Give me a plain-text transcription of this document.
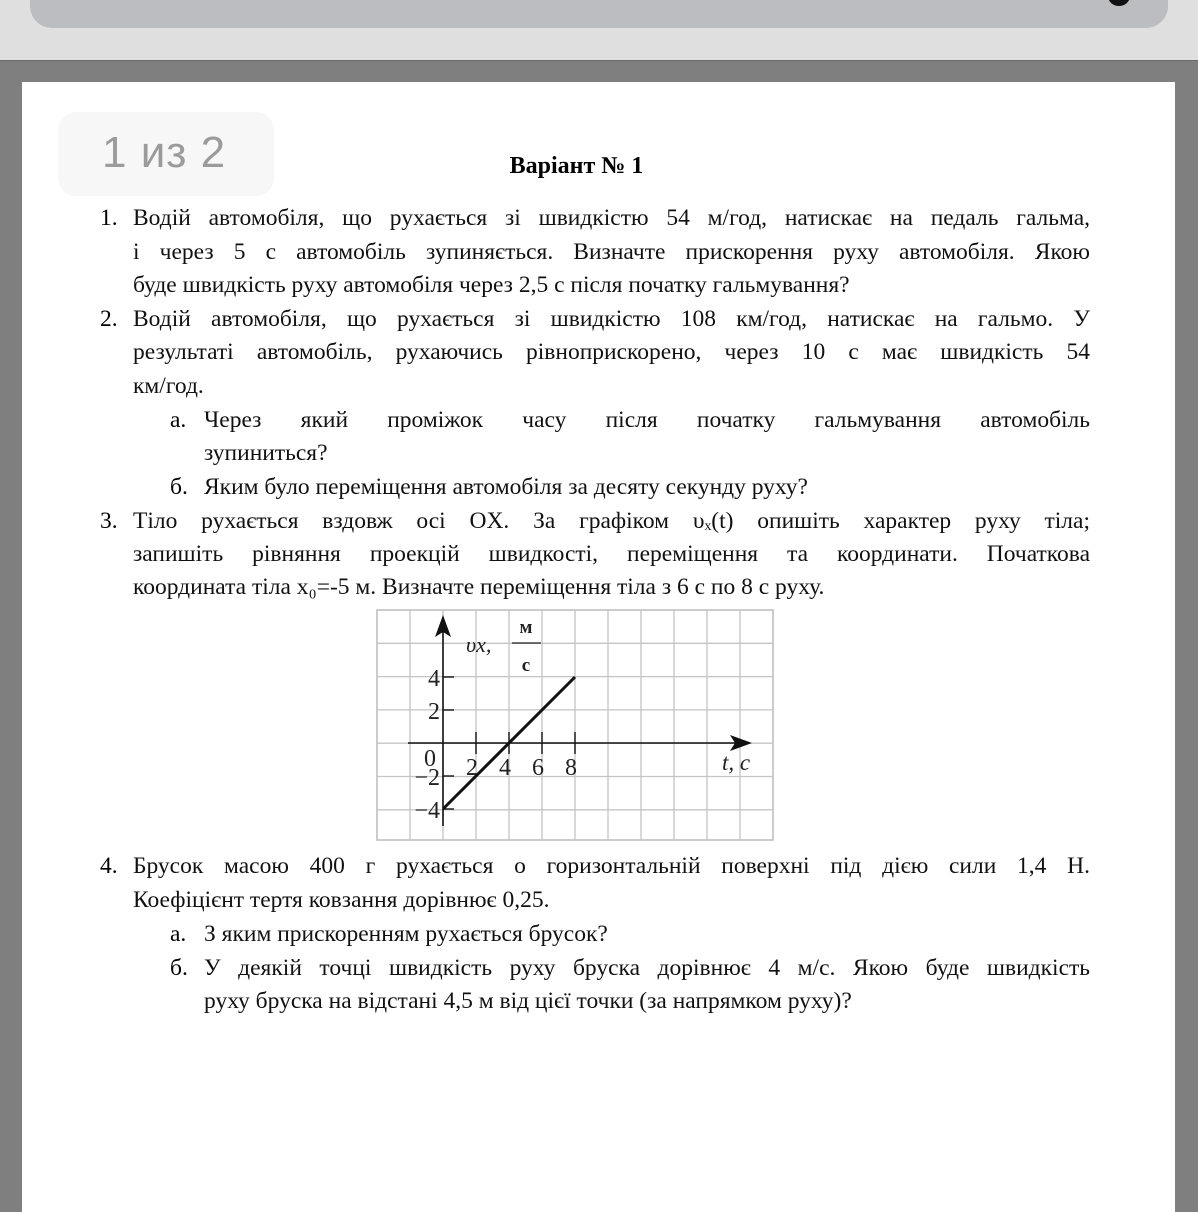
Варіант № 1
1. Водій автомобіля, що рухається зі швидкістю 54 м/год, натискає на педаль гальма,
і через 5 с автомобіль зупиняється. Визначте прискорення руху автомобіля. Якою
буде швидкість руху автомобіля через 2,5 с після початку гальмування?
2. Водій автомобіля, що рухається зі швидкістю 108 км/год, натискає на гальмо. У
результаті автомобіль, рухаючись рівноприскорено, через 10 с має швидкість 54
км/год.
а. Через який проміжок часу після початку гальмування автомобіль
зупиниться?
б. Яким було переміщення автомобіля за десяту секунду руху?
3. Тіло рухається вздовж осі OX. За графіком υₓ(t) опишіть характер руху тіла;
запишіть рівняння проекцій швидкості, переміщення та координати. Початкова
координата тіла x₀=-5 м. Визначте переміщення тіла з 6 с по 8 с руху.
4. Брусок масою 400 г рухається о горизонтальній поверхні під дією сили 1,4 Н.
Коефіцієнт тертя ковзання дорівнює 0,25.
а. З яким прискоренням рухається брусок?
б. У деякій точці швидкість руху бруска дорівнює 4 м/с. Якою буде швидкість
руху бруска на відстані 4,5 м від цієї точки (за напрямком руху)?
2 4 6 8
4
2
−2
−4
0	t, c
υx,
м
с
1 из 2
